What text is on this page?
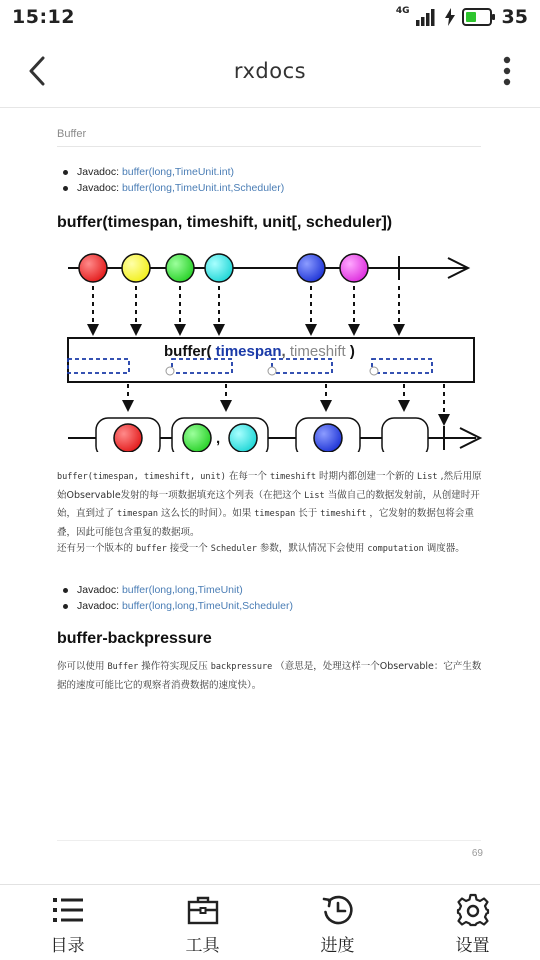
15:12	4G	35
rxdocs
Buffer
Javadoc: buffer(long,TimeUnit.int)
Javadoc: buffer(long,TimeUnit.int,Scheduler)
buffer(timespan, timeshift, unit[, scheduler])
buffer( timespan, timeshift )
,
buffer(timespan, timeshift, unit) 在每一个 timeshift 时期内都创建一个新的 List ,然后用原始Observable发射的每一项数据填充这个列表（在把这个 List 当做自己的数据发射前，从创建时开始，直到过了 timespan 这么长的时间）。如果 timespan 长于 timeshift ，它发射的数据包将会重叠，因此可能包含重复的数据项。
还有另一个版本的 buffer 接受一个 Scheduler 参数，默认情况下会使用 computation 调度器。
Javadoc: buffer(long,long,TimeUnit)
Javadoc: buffer(long,long,TimeUnit,Scheduler)
buffer-backpressure
你可以使用 Buffer 操作符实现反压 backpressure （意思是，处理这样一个Observable：它产生数据的速度可能比它的观察者消费数据的速度快）。
69
目录	工具	进度	设置
